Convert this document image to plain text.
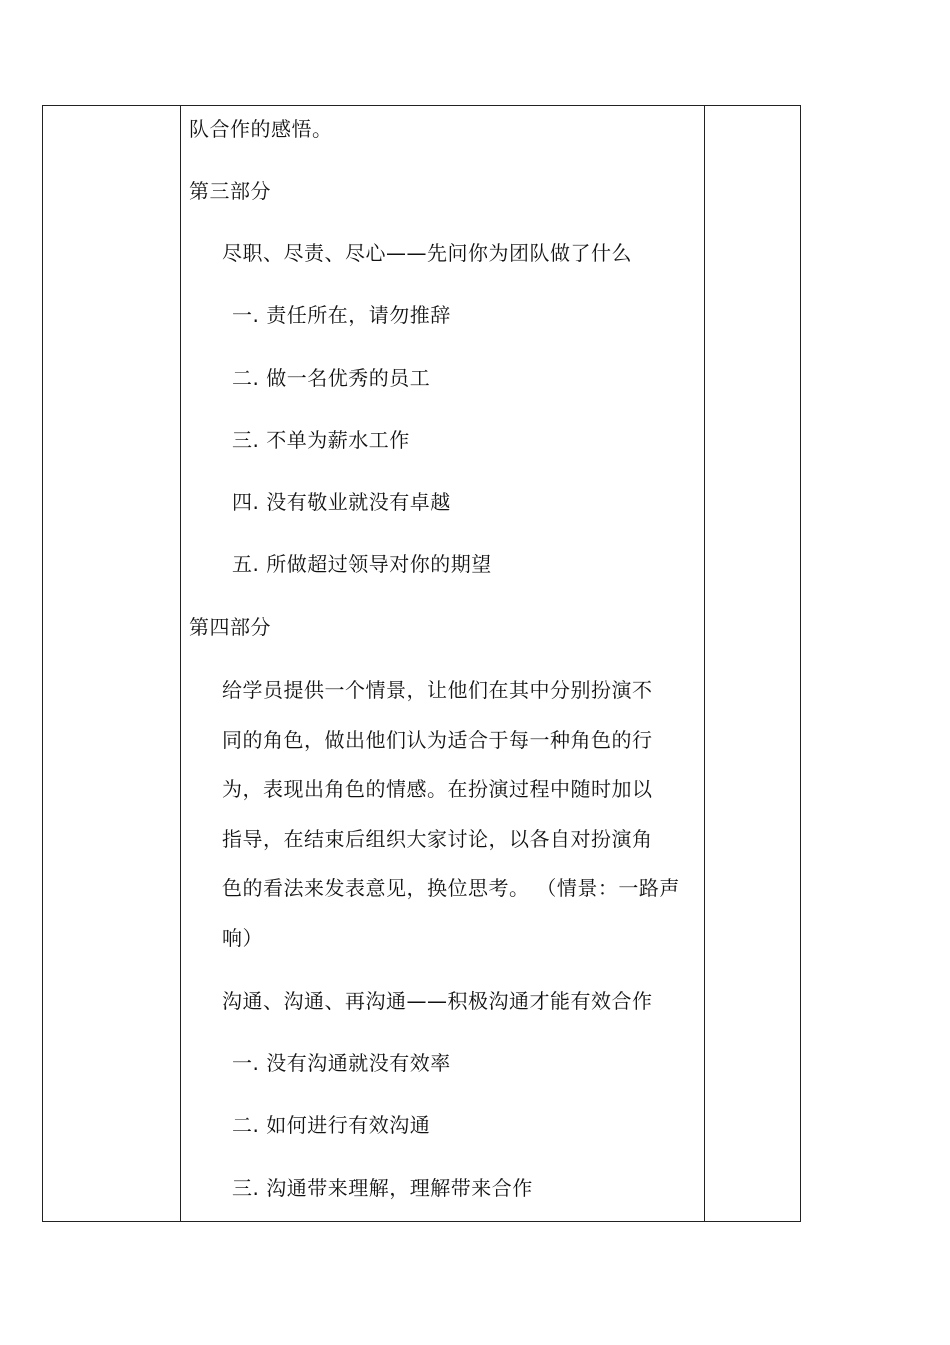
队合作的感悟。
第三部分
尽职、尽责、尽心——先问你为团队做了什么
一. 责任所在，请勿推辞
二. 做一名优秀的员工
三. 不单为薪水工作
四. 没有敬业就没有卓越
五. 所做超过领导对你的期望
第四部分
给学员提供一个情景，让他们在其中分别扮演不
同的角色，做出他们认为适合于每一种角色的行
为，表现出角色的情感。在扮演过程中随时加以
指导，在结束后组织大家讨论，以各自对扮演角
色的看法来发表意见，换位思考。 （情景：一路声
响）
沟通、沟通、再沟通——积极沟通才能有效合作
一. 没有沟通就没有效率
二. 如何进行有效沟通
三. 沟通带来理解，理解带来合作
